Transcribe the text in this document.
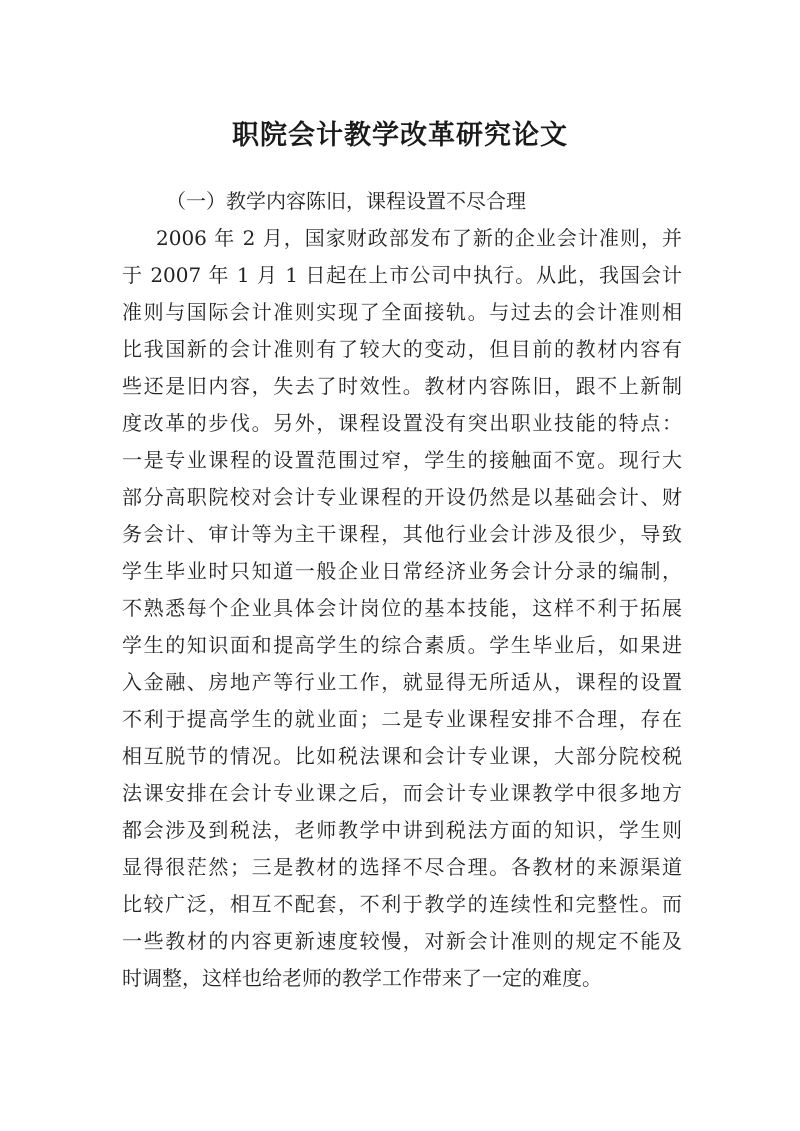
职院会计教学改革研究论文

（一）教学内容陈旧，课程设置不尽合理

2006 年 2 月，国家财政部发布了新的企业会计准则，并

于 2007 年 1 月 1 日起在上市公司中执行。从此，我国会计

准则与国际会计准则实现了全面接轨。与过去的会计准则相

比我国新的会计准则有了较大的变动，但目前的教材内容有

些还是旧内容，失去了时效性。教材内容陈旧，跟不上新制

度改革的步伐。另外，课程设置没有突出职业技能的特点：

一是专业课程的设置范围过窄，学生的接触面不宽。现行大

部分高职院校对会计专业课程的开设仍然是以基础会计、财

务会计、审计等为主干课程，其他行业会计涉及很少，导致

学生毕业时只知道一般企业日常经济业务会计分录的编制，

不熟悉每个企业具体会计岗位的基本技能，这样不利于拓展

学生的知识面和提高学生的综合素质。学生毕业后，如果进

入金融、房地产等行业工作，就显得无所适从，课程的设置

不利于提高学生的就业面；二是专业课程安排不合理，存在

相互脱节的情况。比如税法课和会计专业课，大部分院校税

法课安排在会计专业课之后，而会计专业课教学中很多地方

都会涉及到税法，老师教学中讲到税法方面的知识，学生则

显得很茫然；三是教材的选择不尽合理。各教材的来源渠道

比较广泛，相互不配套，不利于教学的连续性和完整性。而

一些教材的内容更新速度较慢，对新会计准则的规定不能及

时调整，这样也给老师的教学工作带来了一定的难度。
